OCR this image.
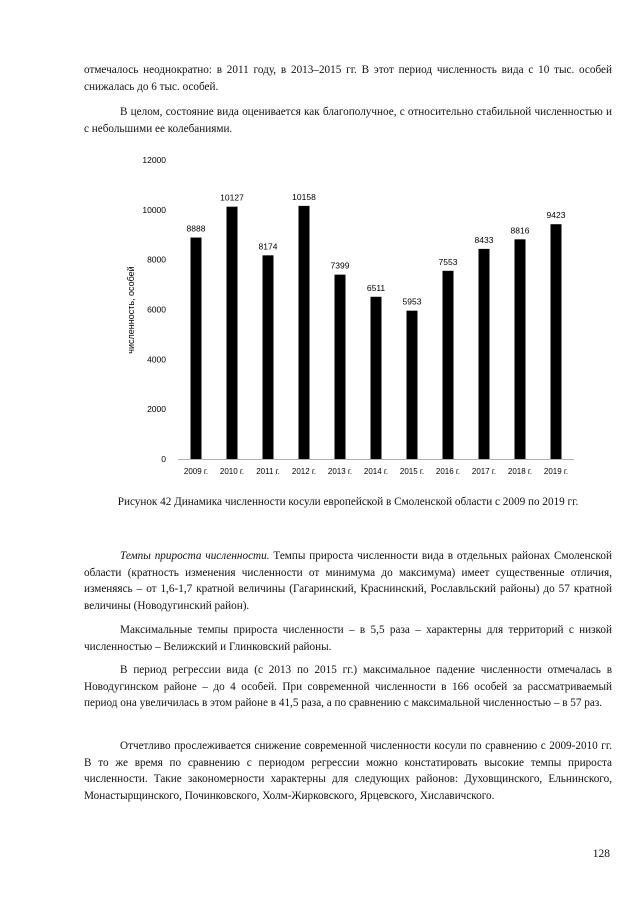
отмечалось неоднократно: в 2011 году, в 2013–2015 гг. В этот период численность вида с 10 тыс. особей снижалась до 6 тыс. особей.

В целом, состояние вида оценивается как благополучное, с относительно стабильной численностью и с небольшими ее колебаниями.

численность, особей
0
2000
4000
6000
8000
10000
12000
8888
2009 г.
10127
2010 г.
8174
2011 г.
10158
2012 г.
7399
2013 г.
6511
2014 г.
5953
2015 г.
7553
2016 г.
8433
2017 г.
8816
2018 г.
9423
2019 г.
Рисунок 42 Динамика численности косули европейской в Смоленской области с 2009 по 2019 гг.

Темпы прироста численности. Темпы прироста численности вида в отдельных районах Смоленской области (кратность изменения численности от минимума до максимума) имеет существенные отличия, изменяясь – от 1,6-1,7 кратной величины (Гагаринский, Краснинский, Рославльский районы) до 57 кратной величины (Новодугинский район).

Максимальные темпы прироста численности – в 5,5 раза – характерны для территорий с низкой численностью – Велижский и Глинковский районы.

В период регрессии вида (с 2013 по 2015 гг.) максимальное падение численности отмечалась в Новодугинском районе – до 4 особей. При современной численности в 166 особей за рассматриваемый период она увеличилась в этом районе в 41,5 раза, а по сравнению с максимальной численностью – в 57 раз.

Отчетливо прослеживается снижение современной численности косули по сравнению с 2009-2010 гг. В то же время по сравнению с периодом регрессии можно констатировать высокие темпы прироста численности. Такие закономерности характерны для следующих районов: Духовщинского, Ельнинского, Монастырщинского, Починковского, Холм-Жирковского, Ярцевского, Хиславичского.

128
